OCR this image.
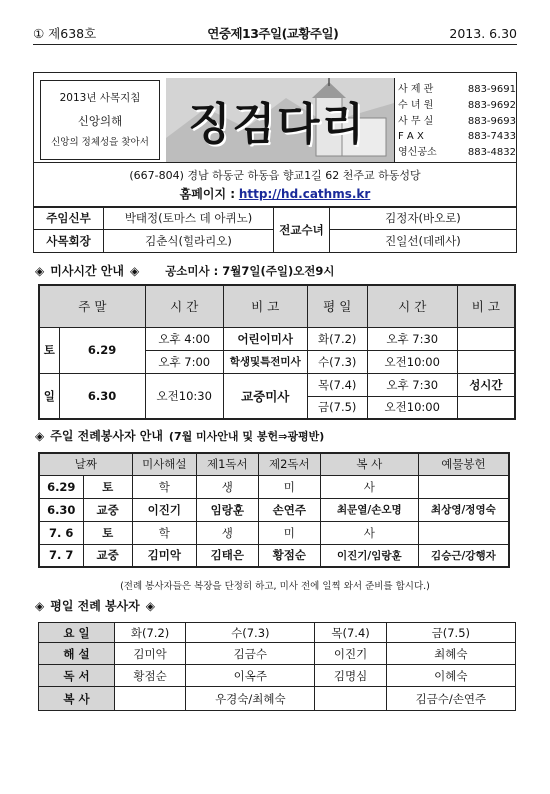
① 제638호	연중제13주일(교황주일)	2013. 6.30
2013년 사목지침
신앙의해
신앙의 정체성을 찾아서 징검다리
사 제 관	883-9691
수 녀 원	883-9692
사 무 실	883-9693
F A X	883-7433
영신공소	883-4832
(667-804) 경남 하동군 하동읍 향교1길 62 천주교 하동성당
홈페이지 : http://hd.cathms.kr
주임신부	박태정(토마스 데 아퀴노)	전교수녀	김정자(바오로)
사목회장	김춘식(힐라리오)		진일선(데레사)
◈ 미사시간 안내 ◈ 공소미사 : 7월7일(주일)오전9시
주 말		시 간	비 고	평 일	시 간	비 고
토	6.29	오후 4:00	어린이미사	화(7.2)	오후 7:30	
		오후 7:00	학생및특전미사	수(7.3)	오전10:00	
일	6.30	오전10:30	교중미사	목(7.4)	오후 7:30	성시간
				금(7.5)	오전10:00	
◈ 주일 전례봉사자 안내 (7월 미사안내 및 봉헌⇒광평반)
날짜		미사해설	제1독서	제2독서	복 사	예물봉헌
6.29	토	학	생	미	사	
6.30	교중	이진기	임랑훈	손연주	최문열/손오명	최상영/정영숙
7. 6	토	학	생	미	사	
7. 7	교중	김미악	김태은	황점순	이진기/임랑훈	김승근/강행자
(전례 봉사자들은 복장을 단정히 하고, 미사 전에 일찍 와서 준비를 합시다.)
◈ 평일 전례 봉사자 ◈
요 일	화(7.2)	수(7.3)	목(7.4)	금(7.5)
해 설	김미악	김금수	이진기	최혜숙
독 서	황점순	이옥주	김명심	이혜숙
복 사		우경숙/최혜숙		김금수/손연주
